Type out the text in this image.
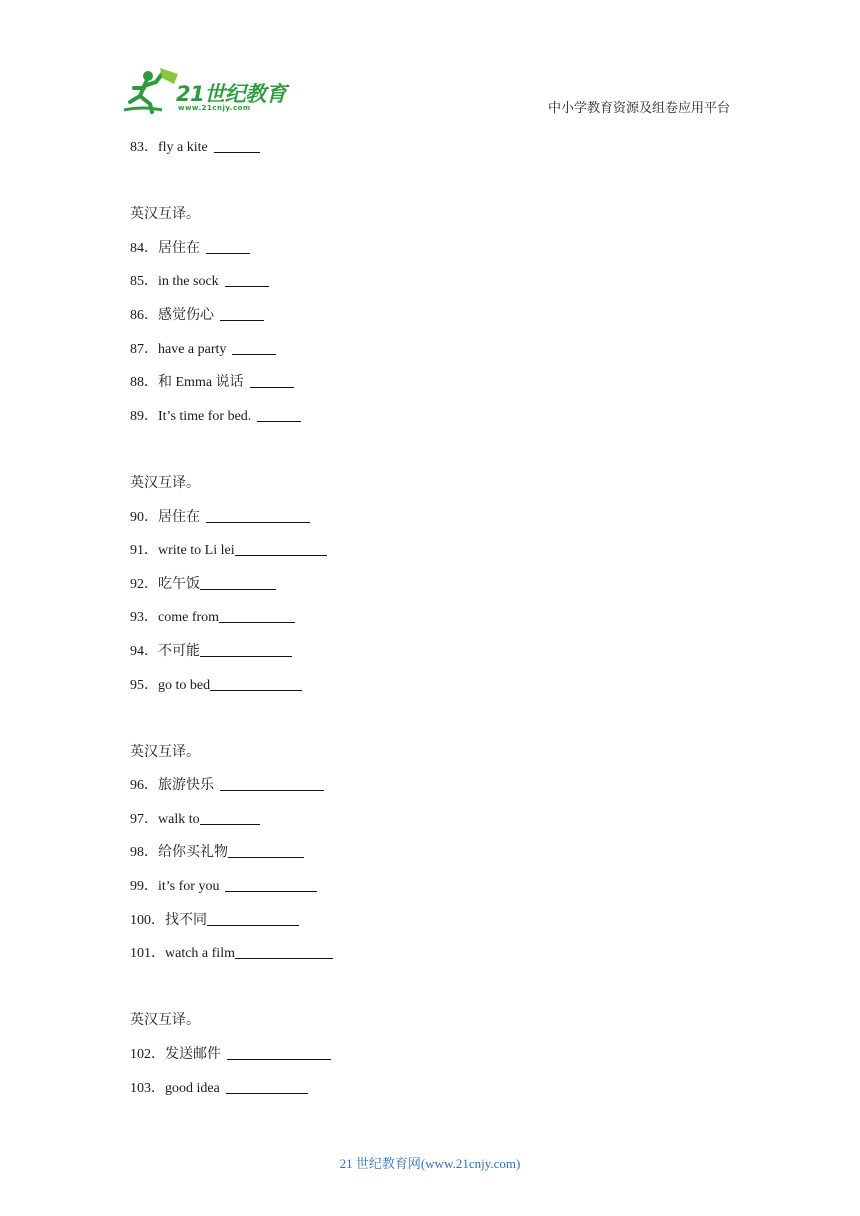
21世纪教育
www.21cnjy.com	中小学教育资源及组卷应用平台
83．fly a kite
英汉互译。
84．居住在
85．in the sock
86．感觉伤心
87．have a party
88．和 Emma 说话
89．It’s time for bed.
英汉互译。
90．居住在
91．write to Li lei
92．吃午饭
93．come from
94．不可能
95．go to bed
英汉互译。
96．旅游快乐
97．walk to
98．给你买礼物
99．it’s for you
100．找不同
101．watch a film
英汉互译。
102．发送邮件
103．good idea
21 世纪教育网(www.21cnjy.com)
